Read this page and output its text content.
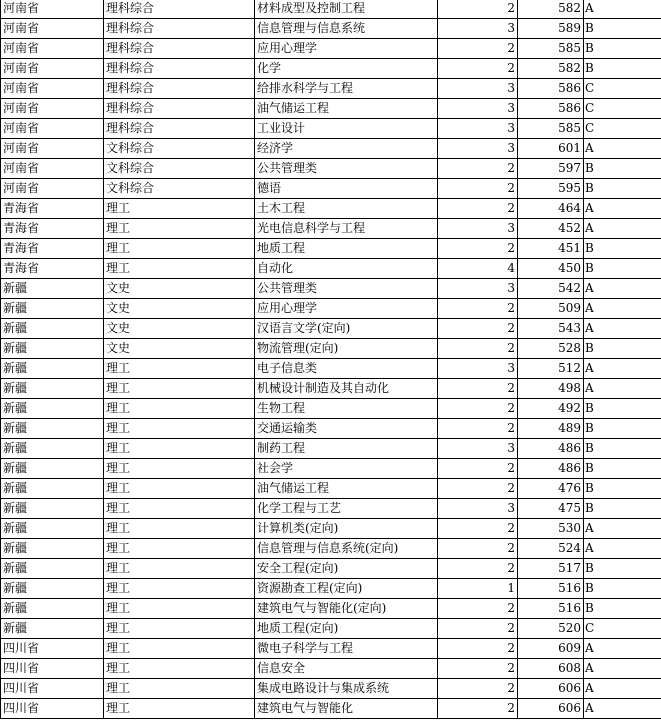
河南省	理科综合	材料成型及控制工程	2	582	A
河南省	理科综合	信息管理与信息系统	3	589	B
河南省	理科综合	应用心理学	2	585	B
河南省	理科综合	化学	2	582	B
河南省	理科综合	给排水科学与工程	3	586	C
河南省	理科综合	油气储运工程	3	586	C
河南省	理科综合	工业设计	3	585	C
河南省	文科综合	经济学	3	601	A
河南省	文科综合	公共管理类	2	597	B
河南省	文科综合	德语	2	595	B
青海省	理工	土木工程	2	464	A
青海省	理工	光电信息科学与工程	3	452	A
青海省	理工	地质工程	2	451	B
青海省	理工	自动化	4	450	B
新疆	文史	公共管理类	3	542	A
新疆	文史	应用心理学	2	509	A
新疆	文史	汉语言文学(定向)	2	543	A
新疆	文史	物流管理(定向)	2	528	B
新疆	理工	电子信息类	3	512	A
新疆	理工	机械设计制造及其自动化	2	498	A
新疆	理工	生物工程	2	492	B
新疆	理工	交通运输类	2	489	B
新疆	理工	制药工程	3	486	B
新疆	理工	社会学	2	486	B
新疆	理工	油气储运工程	2	476	B
新疆	理工	化学工程与工艺	3	475	B
新疆	理工	计算机类(定向)	2	530	A
新疆	理工	信息管理与信息系统(定向)	2	524	A
新疆	理工	安全工程(定向)	2	517	B
新疆	理工	资源勘查工程(定向)	1	516	B
新疆	理工	建筑电气与智能化(定向)	2	516	B
新疆	理工	地质工程(定向)	2	520	C
四川省	理工	微电子科学与工程	2	609	A
四川省	理工	信息安全	2	608	A
四川省	理工	集成电路设计与集成系统	2	606	A
四川省	理工	建筑电气与智能化	2	606	A
